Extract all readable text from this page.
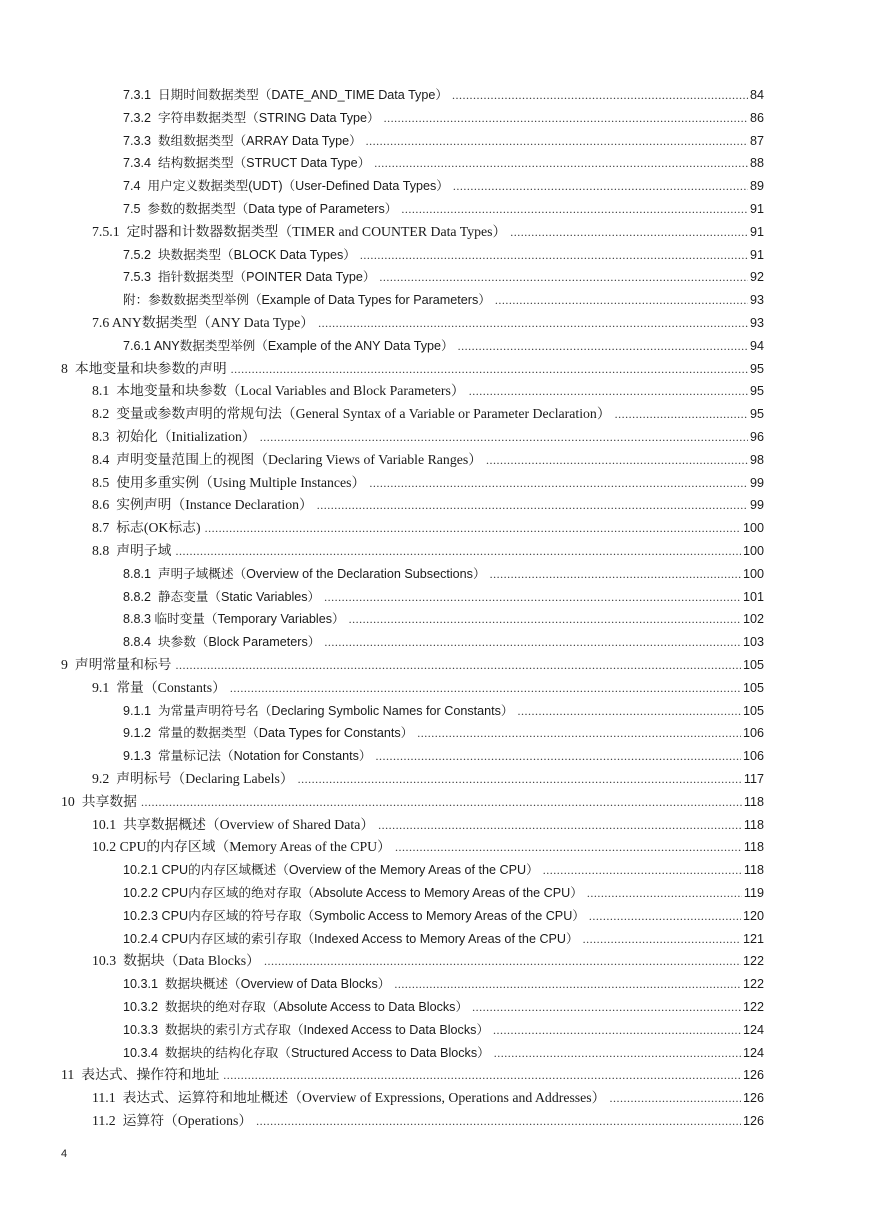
7.3.1 日期时间数据类型（DATE_AND_TIME Data Type） .....	84
7.3.2 字符串数据类型（STRING Data Type） .....	86
7.3.3 数组数据类型（ARRAY Data Type） .....	87
7.3.4 结构数据类型（STRUCT Data Type） .....	88
7.4 用户定义数据类型(UDT)（User-Defined Data Types） .....	89
7.5 参数的数据类型（Data type of Parameters） .....	91
7.5.1 定时器和计数器数据类型（TIMER and COUNTER Data Types） .....	91
7.5.2 块数据类型（BLOCK Data Types） .....	91
7.5.3 指针数据类型（POINTER Data Type） .....	92
附：参数数据类型举例（Example of Data Types for Parameters） .....	93
7.6 ANY数据类型（ANY Data Type） .....	93
7.6.1 ANY数据类型举例（Example of the ANY Data Type） .....	94
8 本地变量和块参数的声明 .....	95
8.1 本地变量和块参数（Local Variables and Block Parameters） .....	95
8.2 变量或参数声明的常规句法（General Syntax of a Variable or Parameter Declaration） .....	95
8.3 初始化（Initialization） .....	96
8.4 声明变量范围上的视图（Declaring Views of Variable Ranges） .....	98
8.5 使用多重实例（Using Multiple Instances） .....	99
8.6 实例声明（Instance Declaration） .....	99
8.7 标志(OK标志) .....	100
8.8 声明子域 .....	100
8.8.1 声明子域概述（Overview of the Declaration Subsections） .....	100
8.8.2 静态变量（Static Variables） .....	101
8.8.3 临时变量（Temporary Variables） .....	102
8.8.4 块参数（Block Parameters） .....	103
9 声明常量和标号 .....	105
9.1 常量（Constants） .....	105
9.1.1 为常量声明符号名（Declaring Symbolic Names for Constants） .....	105
9.1.2 常量的数据类型（Data Types for Constants） .....	106
9.1.3 常量标记法（Notation for Constants） .....	106
9.2 声明标号（Declaring Labels） .....	117
10 共享数据 .....	118
10.1 共享数据概述（Overview of Shared Data） .....	118
10.2 CPU的内存区域（Memory Areas of the CPU） .....	118
10.2.1 CPU的内存区域概述（Overview of the Memory Areas of the CPU） .....	118
10.2.2 CPU内存区域的绝对存取（Absolute Access to Memory Areas of the CPU） .....	119
10.2.3 CPU内存区域的符号存取（Symbolic Access to Memory Areas of the CPU） .....	120
10.2.4 CPU内存区域的索引存取（Indexed Access to Memory Areas of the CPU） .....	121
10.3 数据块（Data Blocks） .....	122
10.3.1 数据块概述（Overview of Data Blocks） .....	122
10.3.2 数据块的绝对存取（Absolute Access to Data Blocks） .....	122
10.3.3 数据块的索引方式存取（Indexed Access to Data Blocks） .....	124
10.3.4 数据块的结构化存取（Structured Access to Data Blocks） .....	124
11 表达式、操作符和地址 .....	126
11.1 表达式、运算符和地址概述（Overview of Expressions, Operations and Addresses） .....	126
11.2 运算符（Operations） .....	126
4
